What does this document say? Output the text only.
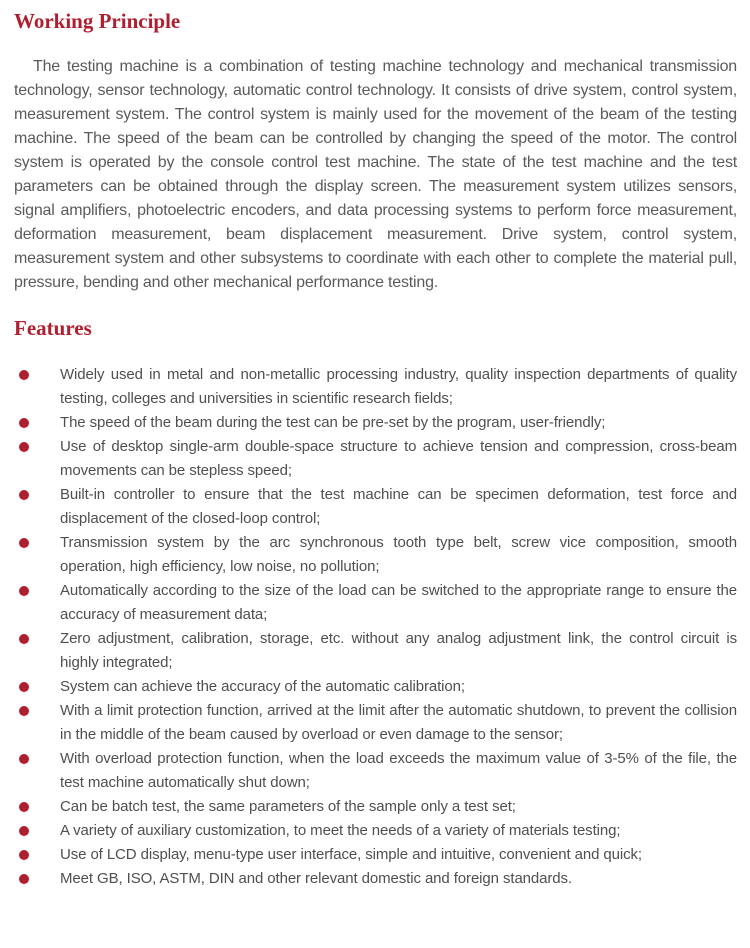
Working Principle

The testing machine is a combination of testing machine technology and mechanical transmission technology, sensor technology, automatic control technology. It consists of drive system, control system, measurement system. The control system is mainly used for the movement of the beam of the testing machine. The speed of the beam can be controlled by changing the speed of the motor. The control system is operated by the console control test machine. The state of the test machine and the test parameters can be obtained through the display screen. The measurement system utilizes sensors, signal amplifiers, photoelectric encoders, and data processing systems to perform force measurement, deformation measurement, beam displacement measurement. Drive system, control system, measurement system and other subsystems to coordinate with each other to complete the material pull, pressure, bending and other mechanical performance testing.

Features
Widely used in metal and non-metallic processing industry, quality inspection departments of quality testing, colleges and universities in scientific research fields;
The speed of the beam during the test can be pre-set by the program, user-friendly;
Use of desktop single-arm double-space structure to achieve tension and compression, cross-beam movements can be stepless speed;
Built-in controller to ensure that the test machine can be specimen deformation, test force and displacement of the closed-loop control;
Transmission system by the arc synchronous tooth type belt, screw vice composition, smooth operation, high efficiency, low noise, no pollution;
Automatically according to the size of the load can be switched to the appropriate range to ensure the accuracy of measurement data;
Zero adjustment, calibration, storage, etc. without any analog adjustment link, the control circuit is highly integrated;
System can achieve the accuracy of the automatic calibration;
With a limit protection function, arrived at the limit after the automatic shutdown, to prevent the collision in the middle of the beam caused by overload or even damage to the sensor;
With overload protection function, when the load exceeds the maximum value of 3-5% of the file, the test machine automatically shut down;
Can be batch test, the same parameters of the sample only a test set;
A variety of auxiliary customization, to meet the needs of a variety of materials testing;
Use of LCD display, menu-type user interface, simple and intuitive, convenient and quick;
Meet GB, ISO, ASTM, DIN and other relevant domestic and foreign standards.
